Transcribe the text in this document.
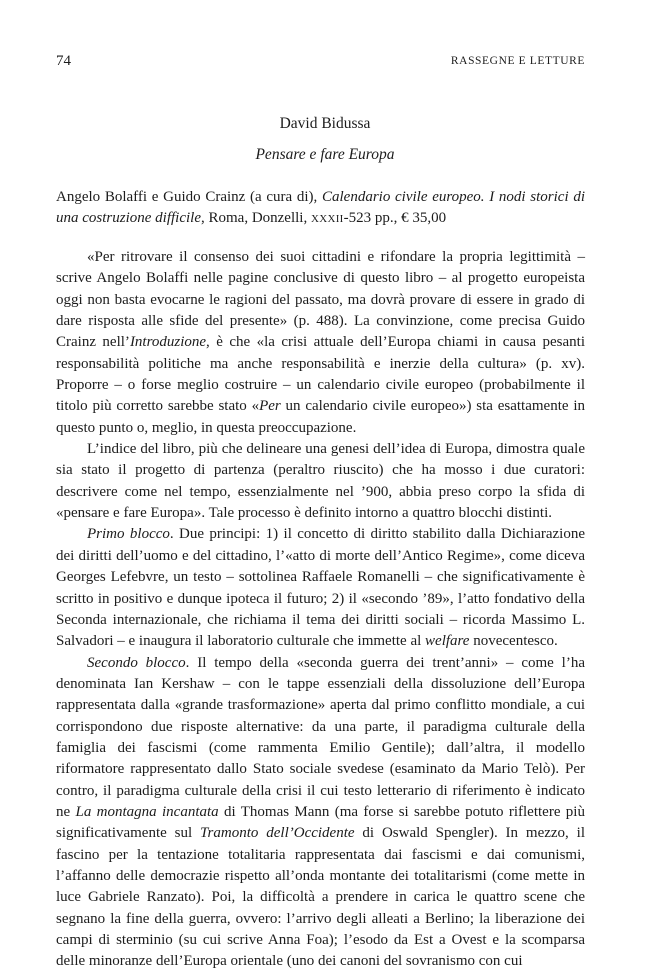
74	RASSEGNE E LETTURE
David Bidussa
Pensare e fare Europa
Angelo Bolaffi e Guido Crainz (a cura di), Calendario civile europeo. I nodi storici di una costruzione difficile, Roma, Donzelli, xxxii-523 pp., € 35,00

«Per ritrovare il consenso dei suoi cittadini e rifondare la propria legittimità – scrive Angelo Bolaffi nelle pagine conclusive di questo libro – al progetto europeista oggi non basta evocarne le ragioni del passato, ma dovrà provare di essere in grado di dare risposta alle sfide del presente» (p. 488). La convinzione, come precisa Guido Crainz nell’Introduzione, è che «la crisi attuale dell’Europa chiami in causa pesanti responsabilità politiche ma anche responsabilità e inerzie della cultura» (p. xv). Proporre – o forse meglio costruire – un calendario civile europeo (probabilmente il titolo più corretto sarebbe stato «Per un calendario civile europeo») sta esattamente in questo punto o, meglio, in questa preoccupazione.

L’indice del libro, più che delineare una genesi dell’idea di Europa, dimostra quale sia stato il progetto di partenza (peraltro riuscito) che ha mosso i due curatori: descrivere come nel tempo, essenzialmente nel ’900, abbia preso corpo la sfida di «pensare e fare Europa». Tale processo è definito intorno a quattro blocchi distinti.

Primo blocco. Due principi: 1) il concetto di diritto stabilito dalla Dichiarazione dei diritti dell’uomo e del cittadino, l’«atto di morte dell’Antico Regime», come diceva Georges Lefebvre, un testo – sottolinea Raffaele Romanelli – che significativamente è scritto in positivo e dunque ipoteca il futuro; 2) il «secondo ’89», l’atto fondativo della Seconda internazionale, che richiama il tema dei diritti sociali – ricorda Massimo L. Salvadori – e inaugura il laboratorio culturale che immette al welfare novecentesco.

Secondo blocco. Il tempo della «seconda guerra dei trent’anni» – come l’ha denominata Ian Kershaw – con le tappe essenziali della dissoluzione dell’Europa rappresentata dalla «grande trasformazione» aperta dal primo conflitto mondiale, a cui corrispondono due risposte alternative: da una parte, il paradigma culturale della famiglia dei fascismi (come rammenta Emilio Gentile); dall’altra, il modello riformatore rappresentato dallo Stato sociale svedese (esaminato da Mario Telò). Per contro, il paradigma culturale della crisi il cui testo letterario di riferimento è indicato ne La montagna incantata di Thomas Mann (ma forse si sarebbe potuto riflettere più significativamente sul Tramonto dell’Occidente di Oswald Spengler). In mezzo, il fascino per la tentazione totalitaria rappresentata dai fascismi e dai comunismi, l’affanno delle democrazie rispetto all’onda montante dei totalitarismi (come mette in luce Gabriele Ranzato). Poi, la difficoltà a prendere in carica le quattro scene che segnano la fine della guerra, ovvero: l’arrivo degli alleati a Berlino; la liberazione dei campi di sterminio (su cui scrive Anna Foa); l’esodo da Est a Ovest e la scomparsa delle minoranze dell’Europa orientale (uno dei canoni del sovranismo con cui
